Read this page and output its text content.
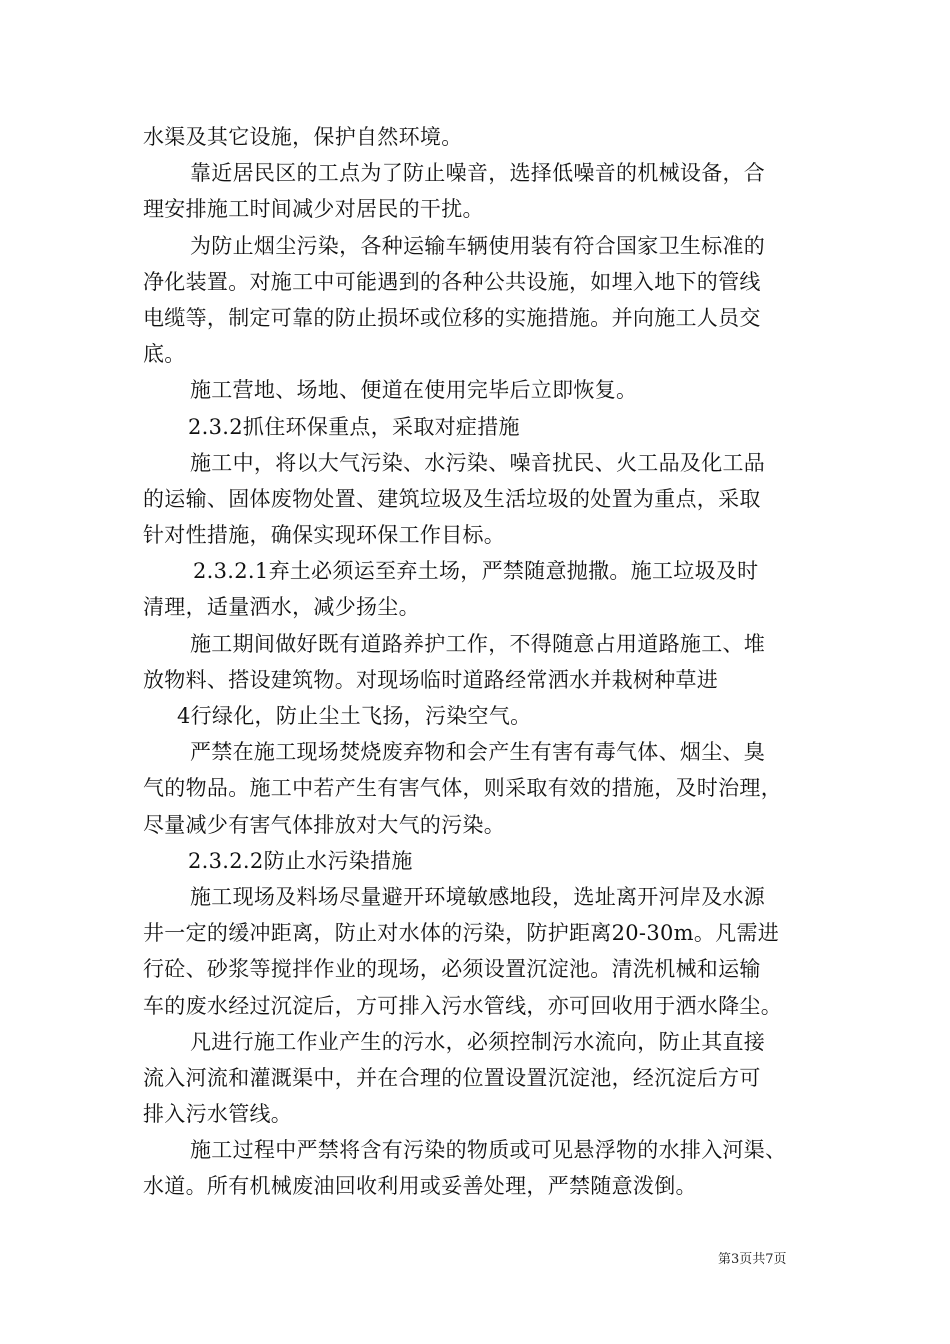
水渠及其它设施，保护自然环境。
靠近居民区的工点为了防止噪音，选择低噪音的机械设备，合
理安排施工时间减少对居民的干扰。
为防止烟尘污染，各种运输车辆使用装有符合国家卫生标准的
净化装置。对施工中可能遇到的各种公共设施，如埋入地下的管线
电缆等，制定可靠的防止损坏或位移的实施措施。并向施工人员交
底。
施工营地、场地、便道在使用完毕后立即恢复。
2.3.2抓住环保重点，采取对症措施
施工中，将以大气污染、水污染、噪音扰民、火工品及化工品
的运输、固体废物处置、建筑垃圾及生活垃圾的处置为重点，采取
针对性措施，确保实现环保工作目标。
2.3.2.1弃土必须运至弃土场，严禁随意抛撒。施工垃圾及时
清理，适量洒水，减少扬尘。
施工期间做好既有道路养护工作，不得随意占用道路施工、堆
放物料、搭设建筑物。对现场临时道路经常洒水并栽树种草进
4行绿化，防止尘土飞扬，污染空气。
严禁在施工现场焚烧废弃物和会产生有害有毒气体、烟尘、臭
气的物品。施工中若产生有害气体，则采取有效的措施，及时治理，
尽量减少有害气体排放对大气的污染。
2.3.2.2防止水污染措施
施工现场及料场尽量避开环境敏感地段，选址离开河岸及水源
井一定的缓冲距离，防止对水体的污染，防护距离20-30m。凡需进
行砼、砂浆等搅拌作业的现场，必须设置沉淀池。清洗机械和运输
车的废水经过沉淀后，方可排入污水管线，亦可回收用于洒水降尘。
凡进行施工作业产生的污水，必须控制污水流向，防止其直接
流入河流和灌溉渠中，并在合理的位置设置沉淀池，经沉淀后方可
排入污水管线。
施工过程中严禁将含有污染的物质或可见悬浮物的水排入河渠、
水道。所有机械废油回收利用或妥善处理，严禁随意泼倒。
第3页共7页
